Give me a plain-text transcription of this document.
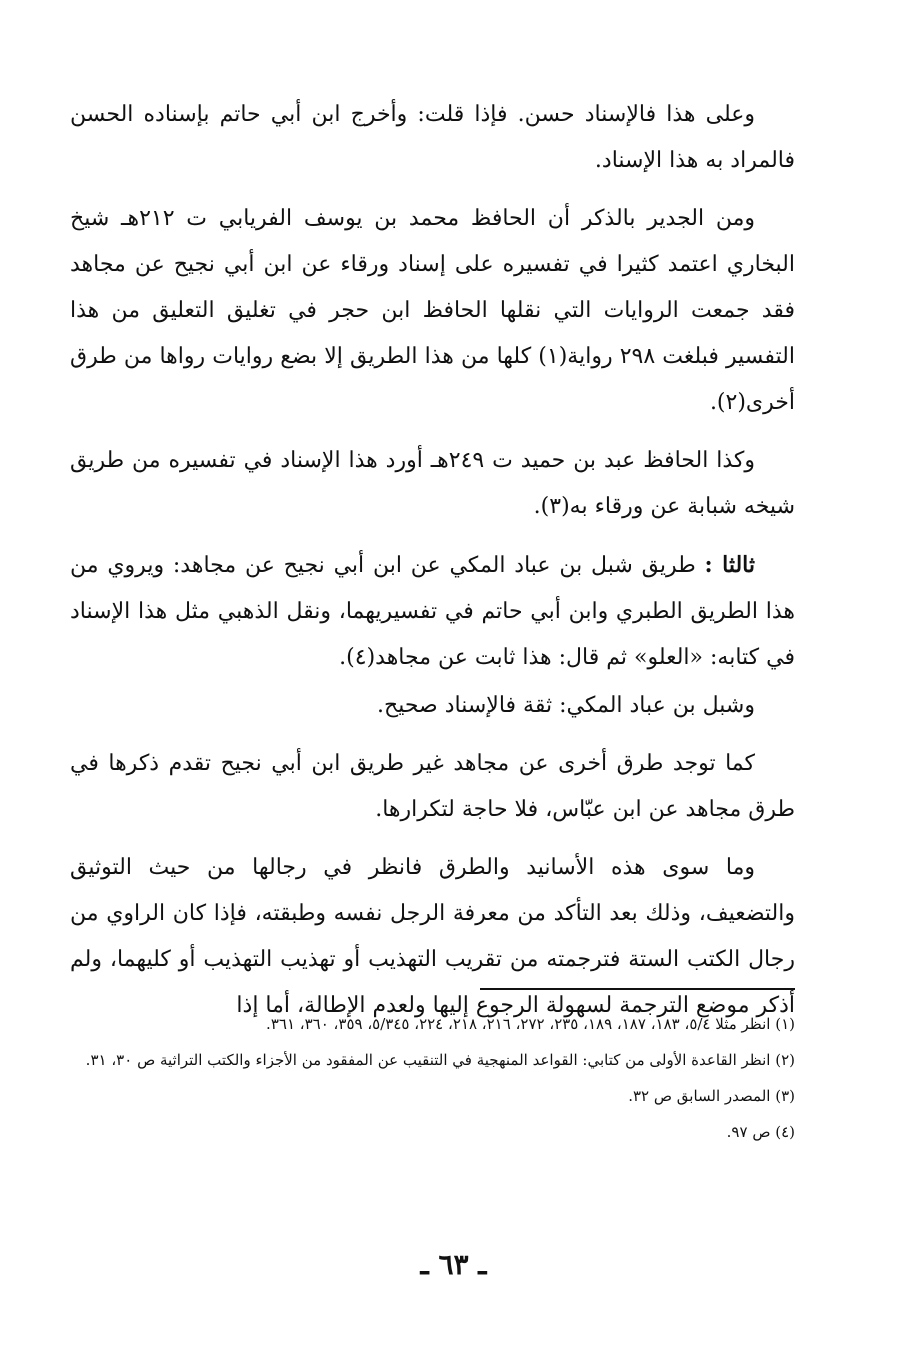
وعلى هذا فالإسناد حسن. فإذا قلت: وأخرج ابن أبي حاتم بإسناده الحسن فالمراد به هذا الإسناد.

ومن الجدير بالذكر أن الحافظ محمد بن يوسف الفريابي ت ٢١٢هـ شيخ البخاري اعتمد كثيرا في تفسيره على إسناد ورقاء عن ابن أبي نجيح عن مجاهد فقد جمعت الروايات التي نقلها الحافظ ابن حجر في تغليق التعليق من هذا التفسير فبلغت ٢٩٨ رواية(١) كلها من هذا الطريق إلا بضع روايات رواها من طرق أخرى(٢).

وكذا الحافظ عبد بن حميد ت ٢٤٩هـ أورد هذا الإسناد في تفسيره من طريق شيخه شبابة عن ورقاء به(٣).

ثالثا : طريق شبل بن عباد المكي عن ابن أبي نجيح عن مجاهد: ويروي من هذا الطريق الطبري وابن أبي حاتم في تفسيريهما، ونقل الذهبي مثل هذا الإسناد في كتابه: «العلو» ثم قال: هذا ثابت عن مجاهد(٤).

وشبل بن عباد المكي: ثقة فالإسناد صحيح.

كما توجد طرق أخرى عن مجاهد غير طريق ابن أبي نجيح تقدم ذكرها في طرق مجاهد عن ابن عبّاس، فلا حاجة لتكرارها.

وما سوى هذه الأسانيد والطرق فانظر في رجالها من حيث التوثيق والتضعيف، وذلك بعد التأكد من معرفة الرجل نفسه وطبقته، فإذا كان الراوي من رجال الكتب الستة فترجمته من تقريب التهذيب أو تهذيب التهذيب أو كليهما، ولم أذكر موضع الترجمة لسهولة الرجوع إليها ولعدم الإطالة، أما إذا

(١) انظر مثلا ٥/٤، ١٨٣، ١٨٧، ١٨٩، ٢٣٥، ٢٧٢، ٢١٦، ٢١٨، ٢٢٤، ٥/٣٤٥، ٣٥٩، ٣٦٠، ٣٦١.

(٢) انظر القاعدة الأولى من كتابي: القواعد المنهجية في التنقيب عن المفقود من الأجزاء والكتب التراثية ص ٣٠، ٣١.

(٣) المصدر السابق ص ٣٢.

(٤) ص ٩٧.

ـ ٦٣ ـ
